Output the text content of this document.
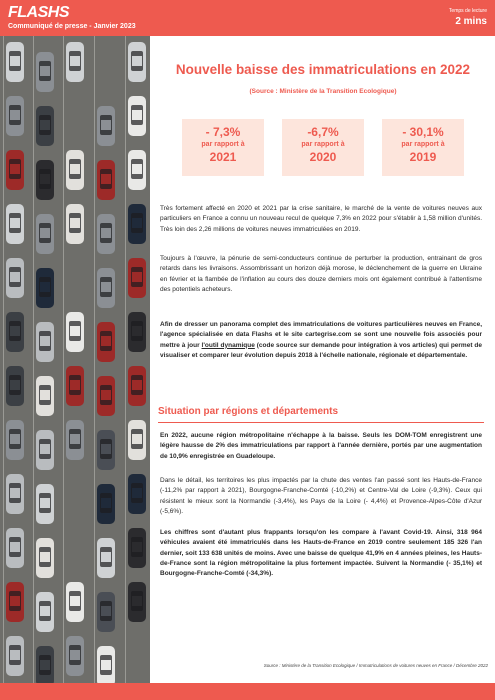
FLASHS
Communiqué de presse - Janvier 2023
Temps de lecture
2 mins
Nouvelle baisse des immatriculations en 2022
(Source : Ministère de la Transition Ecologique)
- 7,3%
par rapport à
2021
-6,7%
par rapport à
2020
- 30,1%
par rapport à
2019

Très fortement affecté en 2020 et 2021 par la crise sanitaire, le marché de la vente de voitures neuves aux particuliers en France a connu un nouveau recul de quelque 7,3% en 2022 pour s'établir à 1,58 million d'unités. Très loin des 2,26 millions de voitures neuves immatriculées en 2019.

Toujours à l'œuvre, la pénurie de semi-conducteurs continue de perturber la production, entrainant de gros retards dans les livraisons. Assombrissant un horizon déjà morose, le déclenchement de la guerre en Ukraine en février et la flambée de l'inflation au cours des douze derniers mois ont également contribué à l'attentisme des potentiels acheteurs.

Afin de dresser un panorama complet des immatriculations de voitures particulières neuves en France, l'agence spécialisée en data Flashs et le site cartegrise.com se sont une nouvelle fois associés pour mettre à jour l'outil dynamique (code source sur demande pour intégration à vos articles) qui permet de visualiser et comparer leur évolution depuis 2018 à l'échelle nationale, régionale et départementale.

Situation par régions et départements

En 2022, aucune région métropolitaine n'échappe à la baisse. Seuls les DOM-TOM enregistrent une légère hausse de 2% des immatriculations par rapport à l'année dernière, portés par une augmentation de 10,9% enregistrée en Guadeloupe.

Dans le détail, les territoires les plus impactés par la chute des ventes l'an passé sont les Hauts-de-France (-11,2% par rapport à 2021), Bourgogne-Franche-Comté (-10,2%) et Centre-Val de Loire (-9,3%). Ceux qui résistent le mieux sont la Normandie (-3,4%), les Pays de la Loire (- 4,4%) et Provence-Alpes-Côte d'Azur (-5,6%).

Les chiffres sont d'autant plus frappants lorsqu'on les compare à l'avant Covid-19. Ainsi, 318 964 véhicules avaient été immatriculés dans les Hauts-de-France en 2019 contre seulement 185 326 l'an dernier, soit 133 638 unités de moins. Avec une baisse de quelque 41,9% en 4 années pleines, les Hauts-de-France sont la région métropolitaine la plus fortement impactée. Suivent la Normandie (- 35,1%) et Bourgogne-Franche-Comté (-34,3%).

Source : Ministère de la Transition Ecologique / Immatriculations de voitures neuves en France / Décembre 2022
